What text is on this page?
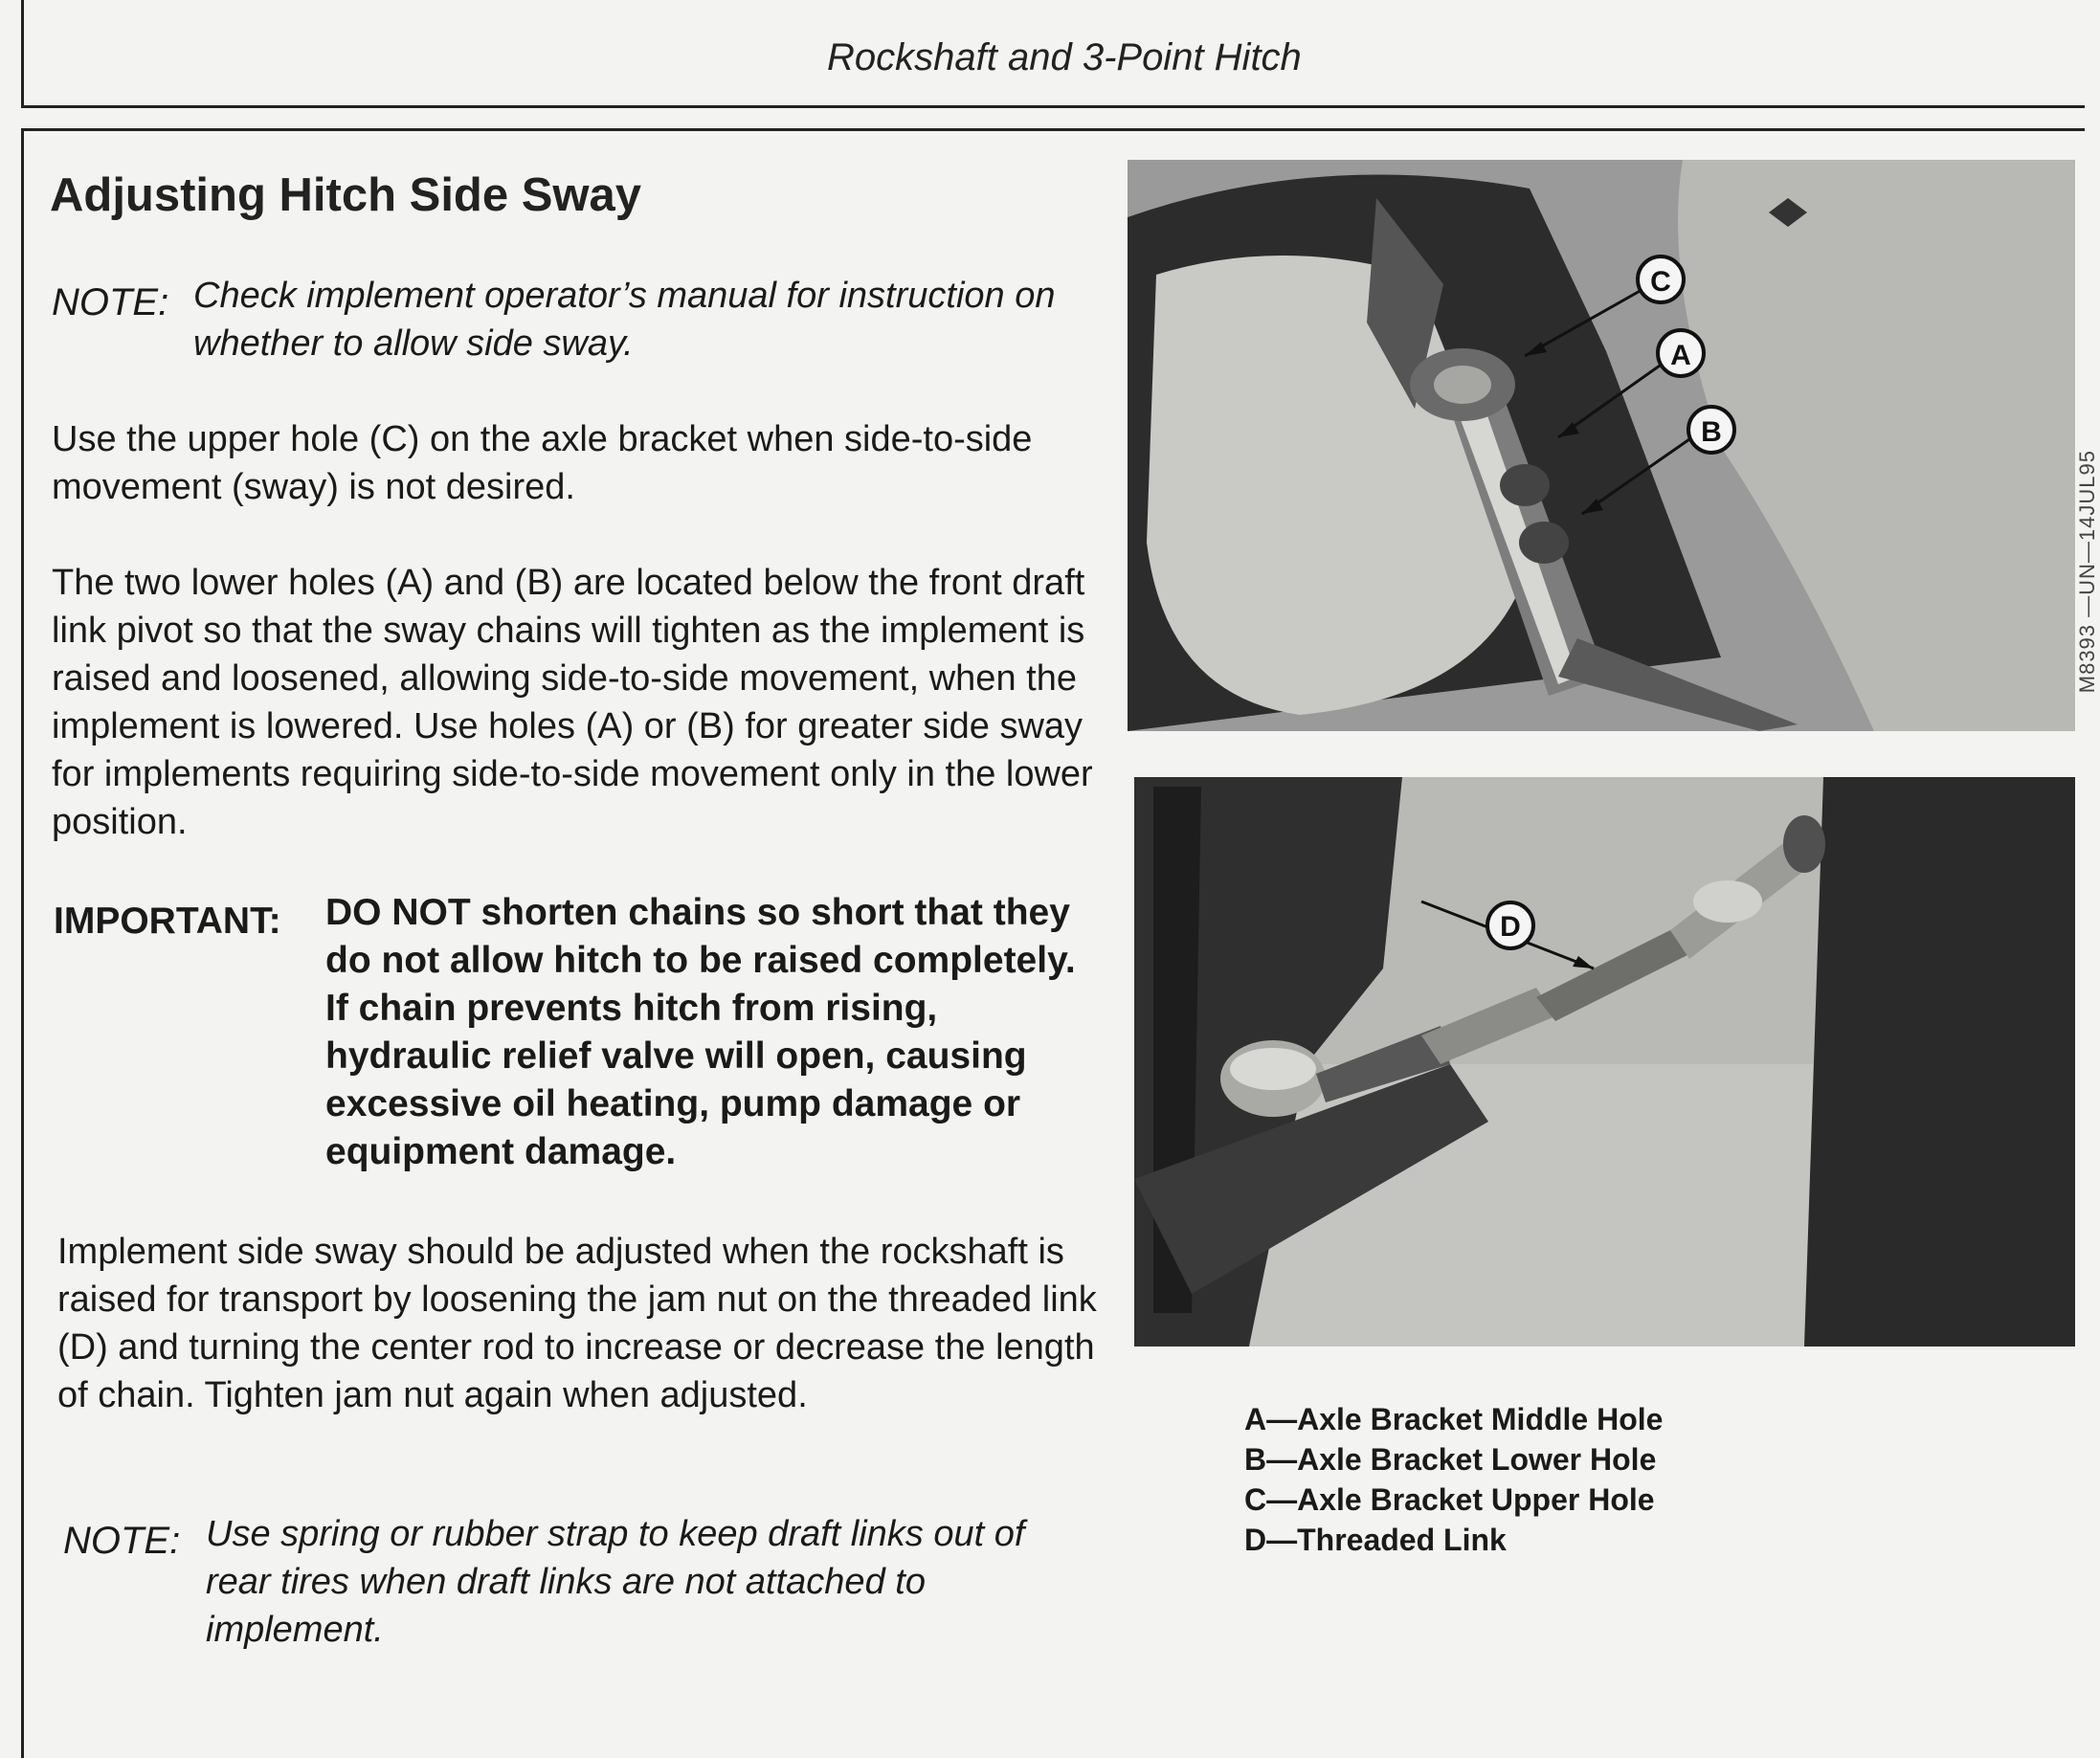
Rockshaft and 3-Point Hitch
Adjusting Hitch Side Sway
NOTE: Check implement operator’s manual for instruction on whether to allow side sway.
Use the upper hole (C) on the axle bracket when side-to-side movement (sway) is not desired.
The two lower holes (A) and (B) are located below the front draft link pivot so that the sway chains will tighten as the implement is raised and loosened, allowing side-to-side movement, when the implement is lowered. Use holes (A) or (B) for greater side sway for implements requiring side-to-side movement only in the lower position.
IMPORTANT: DO NOT shorten chains so short that they do not allow hitch to be raised completely. If chain prevents hitch from rising, hydraulic relief valve will open, causing excessive oil heating, pump damage or equipment damage.
Implement side sway should be adjusted when the rockshaft is raised for transport by loosening the jam nut on the threaded link (D) and turning the center rod to increase or decrease the length of chain. Tighten jam nut again when adjusted.
NOTE: Use spring or rubber strap to keep draft links out of rear tires when draft links are not attached to implement.
C
A
B
D
M8393 —UN—14JUL95
A—Axle Bracket Middle Hole
B—Axle Bracket Lower Hole
C—Axle Bracket Upper Hole
D—Threaded Link
